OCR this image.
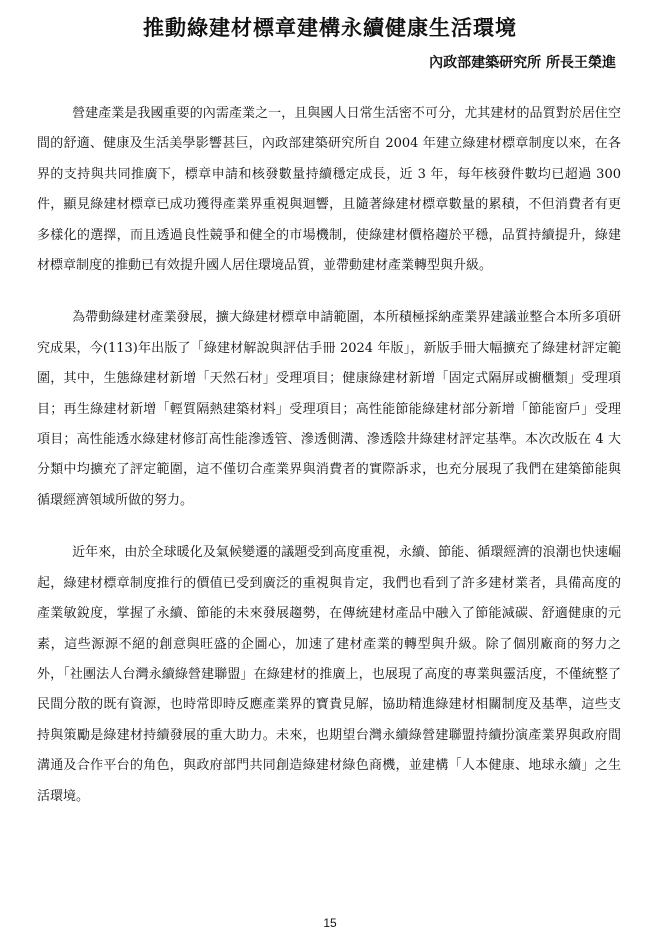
推動綠建材標章建構永續健康生活環境
內政部建築研究所 所長王榮進

營建產業是我國重要的內需產業之一，且與國人日常生活密不可分，尤其建材的品質對於居住空間的舒適、健康及生活美學影響甚巨，內政部建築研究所自 2004 年建立綠建材標章制度以來，在各界的支持與共同推廣下，標章申請和核發數量持續穩定成長，近 3 年，每年核發件數均已超過 300 件，顯見綠建材標章已成功獲得產業界重視與迴響，且隨著綠建材標章數量的累積，不但消費者有更多樣化的選擇，而且透過良性競爭和健全的市場機制，使綠建材價格趨於平穩，品質持續提升，綠建材標章制度的推動已有效提升國人居住環境品質，並帶動建材產業轉型與升級。

為帶動綠建材產業發展，擴大綠建材標章申請範圍，本所積極採納產業界建議並整合本所多項研究成果，今(113)年出版了「綠建材解說與評估手冊 2024 年版」，新版手冊大幅擴充了綠建材評定範圍，其中，生態綠建材新增「天然石材」受理項目；健康綠建材新增「固定式隔屏或櫥櫃類」受理項目；再生綠建材新增「輕質隔熱建築材料」受理項目；高性能節能綠建材部分新增「節能窗戶」受理項目；高性能透水綠建材修訂高性能滲透管、滲透側溝、滲透陰井綠建材評定基準。本次改版在 4 大分類中均擴充了評定範圍，這不僅切合產業界與消費者的實際訴求，也充分展現了我們在建築節能與循環經濟領域所做的努力。

近年來，由於全球暖化及氣候變遷的議題受到高度重視，永續、節能、循環經濟的浪潮也快速崛起，綠建材標章制度推行的價值已受到廣泛的重視與肯定，我們也看到了許多建材業者，具備高度的產業敏銳度，掌握了永續、節能的未來發展趨勢，在傳統建材產品中融入了節能減碳、舒適健康的元素，這些源源不絕的創意與旺盛的企圖心，加速了建材產業的轉型與升級。除了個別廠商的努力之外，「社團法人台灣永續綠營建聯盟」在綠建材的推廣上，也展現了高度的專業與靈活度，不僅統整了民間分散的既有資源，也時常即時反應產業界的寶貴見解，協助精進綠建材相關制度及基準，這些支持與策勵是綠建材持續發展的重大助力。未來，也期望台灣永續綠營建聯盟持續扮演產業界與政府間溝通及合作平台的角色，與政府部門共同創造綠建材綠色商機，並建構「人本健康、地球永續」之生活環境。

15
